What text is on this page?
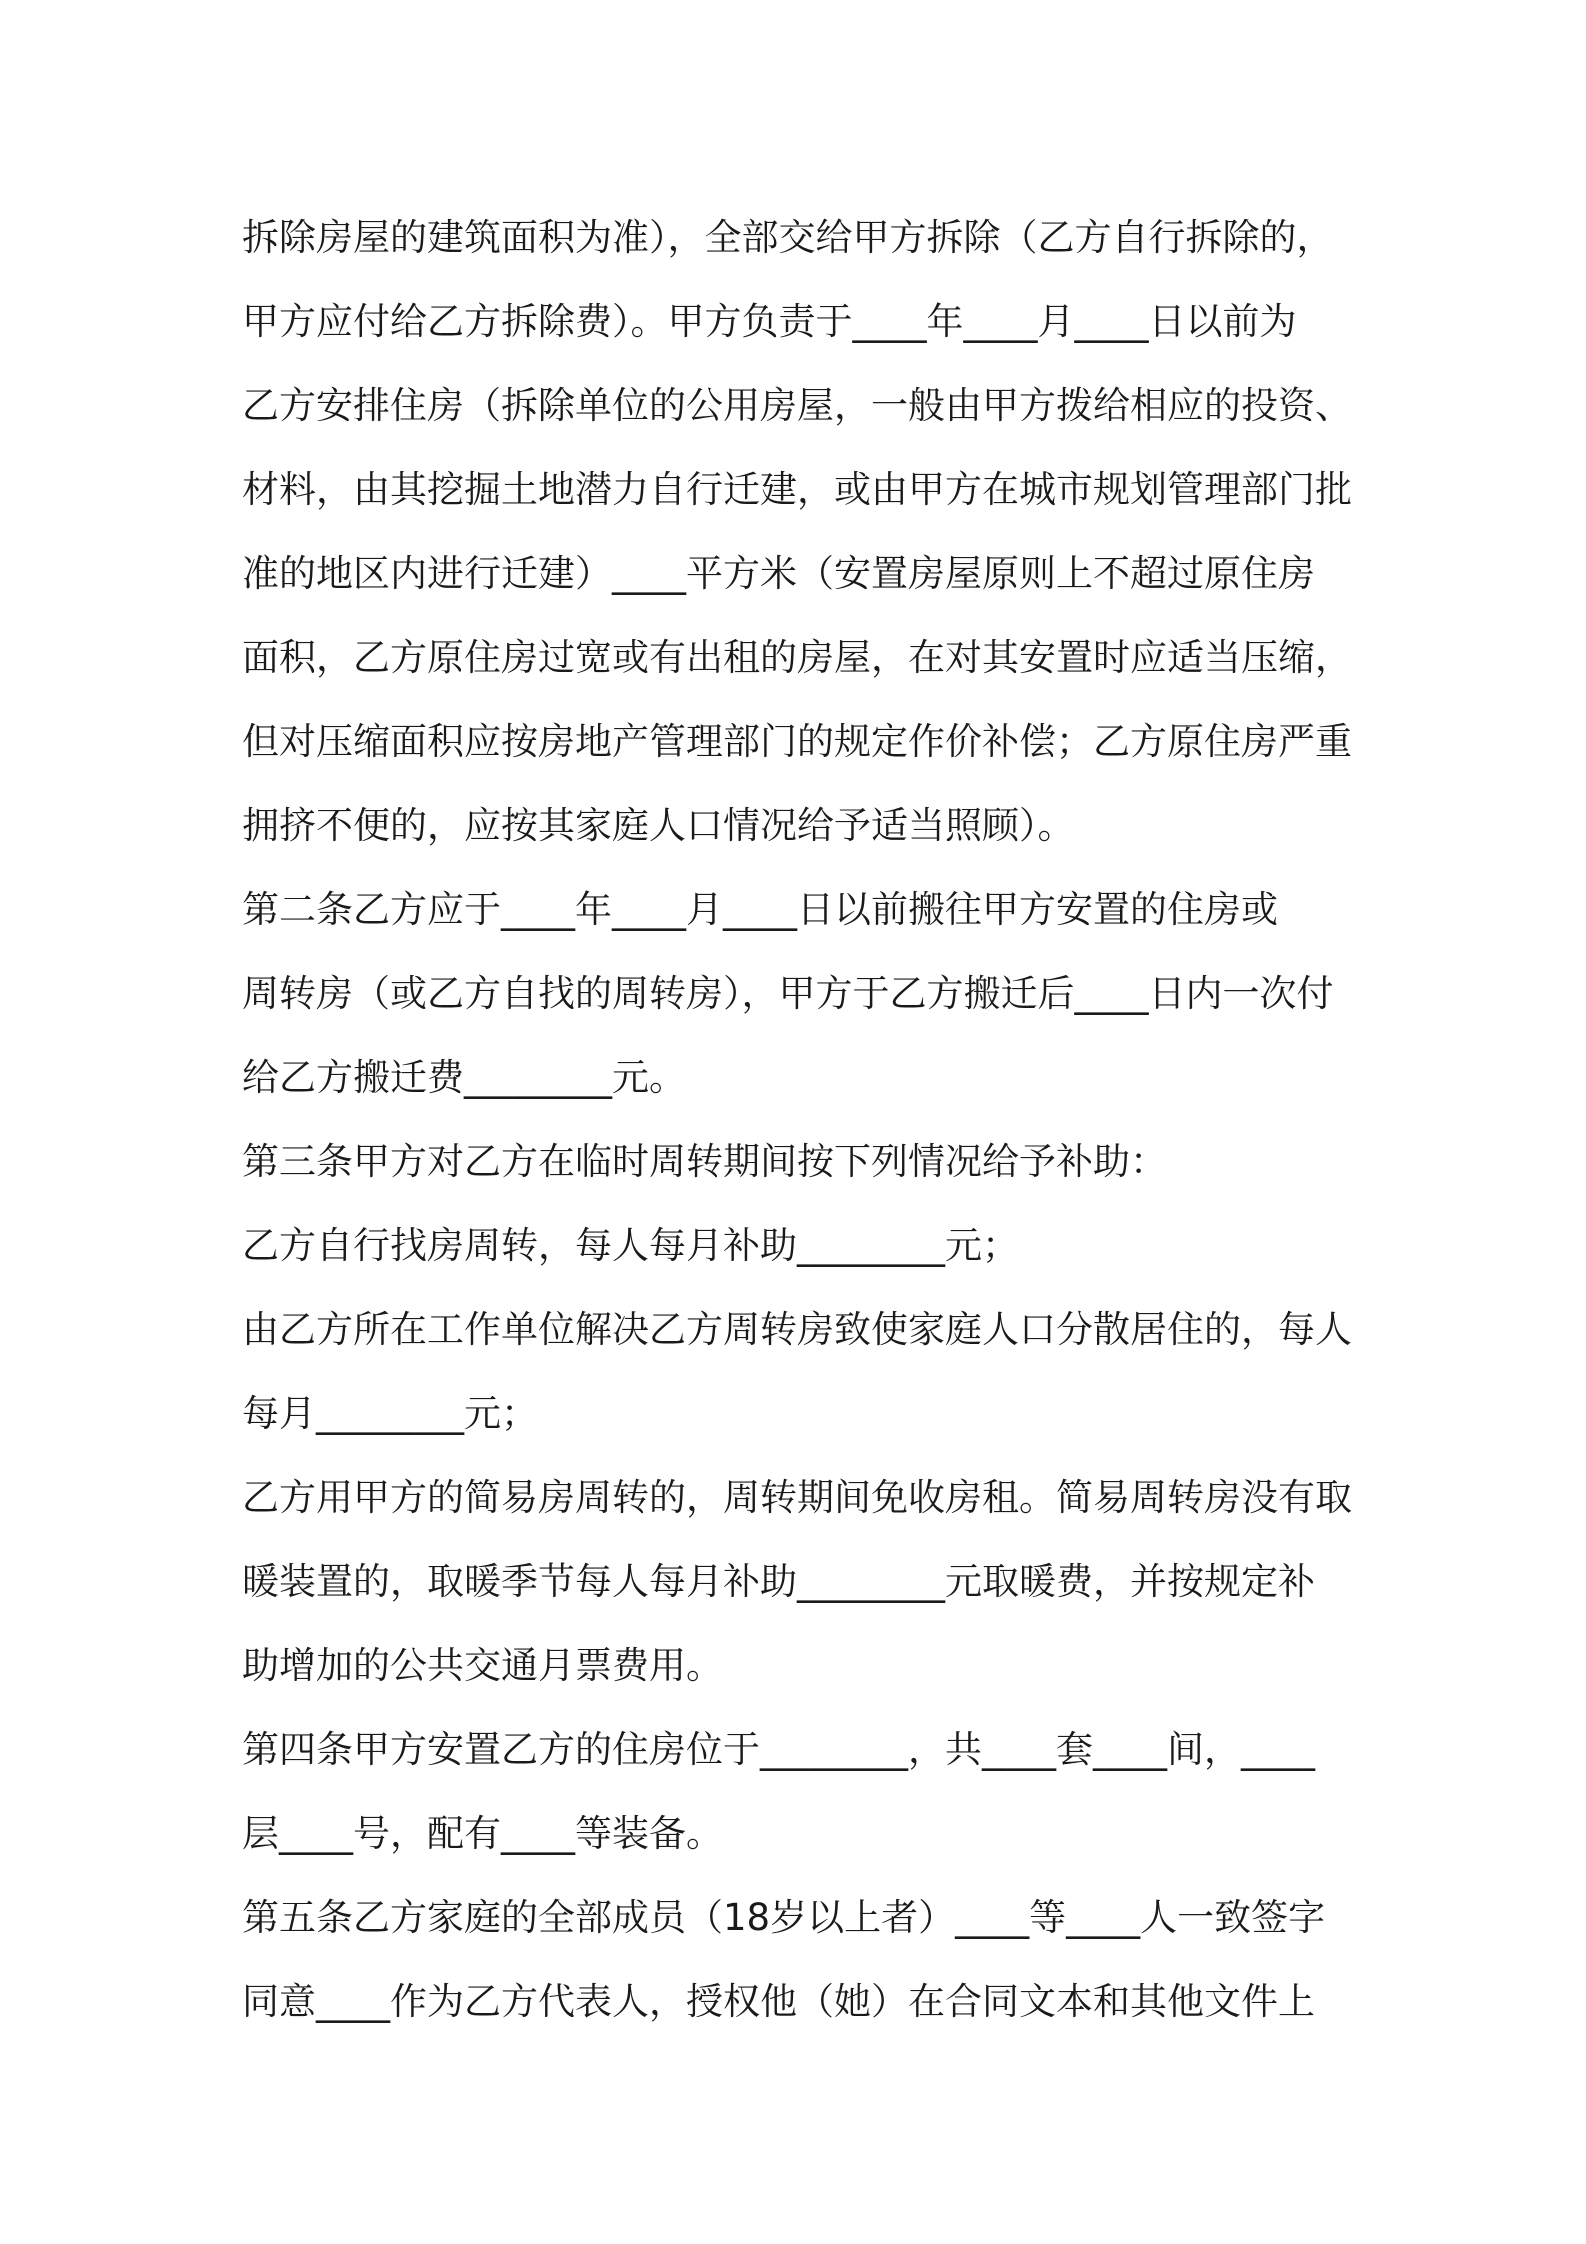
拆除房屋的建筑面积为准），全部交给甲方拆除（乙方自行拆除的，
甲方应付给乙方拆除费）。甲方负责于____年____月____日以前为
乙方安排住房（拆除单位的公用房屋，一般由甲方拨给相应的投资、
材料，由其挖掘土地潜力自行迁建，或由甲方在城市规划管理部门批
准的地区内进行迁建）____平方米（安置房屋原则上不超过原住房
面积，乙方原住房过宽或有出租的房屋，在对其安置时应适当压缩，
但对压缩面积应按房地产管理部门的规定作价补偿；乙方原住房严重
拥挤不便的，应按其家庭人口情况给予适当照顾）。
第二条乙方应于____年____月____日以前搬往甲方安置的住房或
周转房（或乙方自找的周转房），甲方于乙方搬迁后____日内一次付
给乙方搬迁费________元。
第三条甲方对乙方在临时周转期间按下列情况给予补助：
乙方自行找房周转，每人每月补助________元；
由乙方所在工作单位解决乙方周转房致使家庭人口分散居住的，每人
每月________元；
乙方用甲方的简易房周转的，周转期间免收房租。简易周转房没有取
暖装置的，取暖季节每人每月补助________元取暖费，并按规定补
助增加的公共交通月票费用。
第四条甲方安置乙方的住房位于________，共____套____间，____
层____号，配有____等装备。
第五条乙方家庭的全部成员（18岁以上者）____等____人一致签字
同意____作为乙方代表人，授权他（她）在合同文本和其他文件上
